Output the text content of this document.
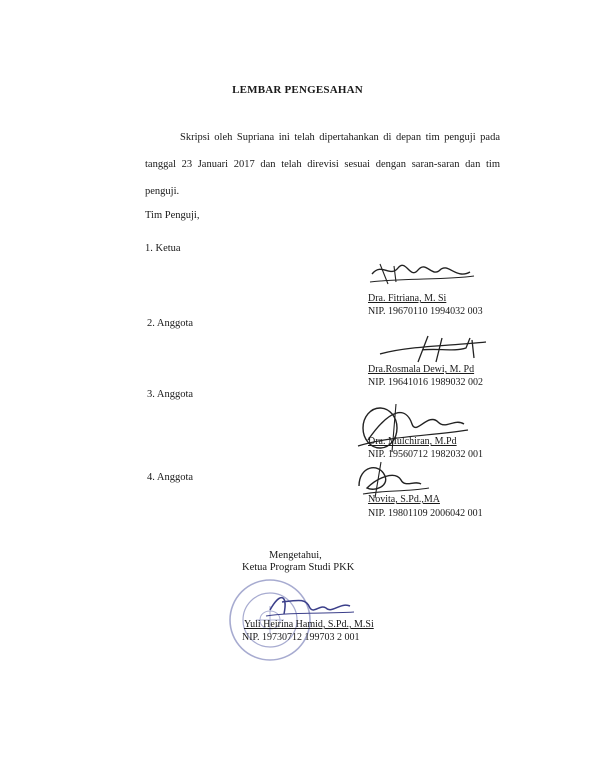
LEMBAR PENGESAHAN
Skripsi oleh Supriana ini telah dipertahankan di depan tim penguji pada
tanggal 23 Januari 2017 dan telah direvisi sesuai dengan saran-saran dan tim
penguji.
Tim Penguji,
1. Ketua
Dra. Fitriana, M. Si
NIP. 19670110 1994032 003
2. Anggota
Dra.Rosmala Dewi, M. Pd
NIP. 19641016 1989032 002
3. Anggota
Dra. Mulchiran, M.Pd
NIP. 19560712 1982032 001
4. Anggota
Novita, S.Pd.,MA
NIP. 19801109 2006042 001
Mengetahui,
Ketua Program Studi PKK
Yuli Heirina Hamid, S.Pd., M.Si
NIP. 19730712 199703 2 001
